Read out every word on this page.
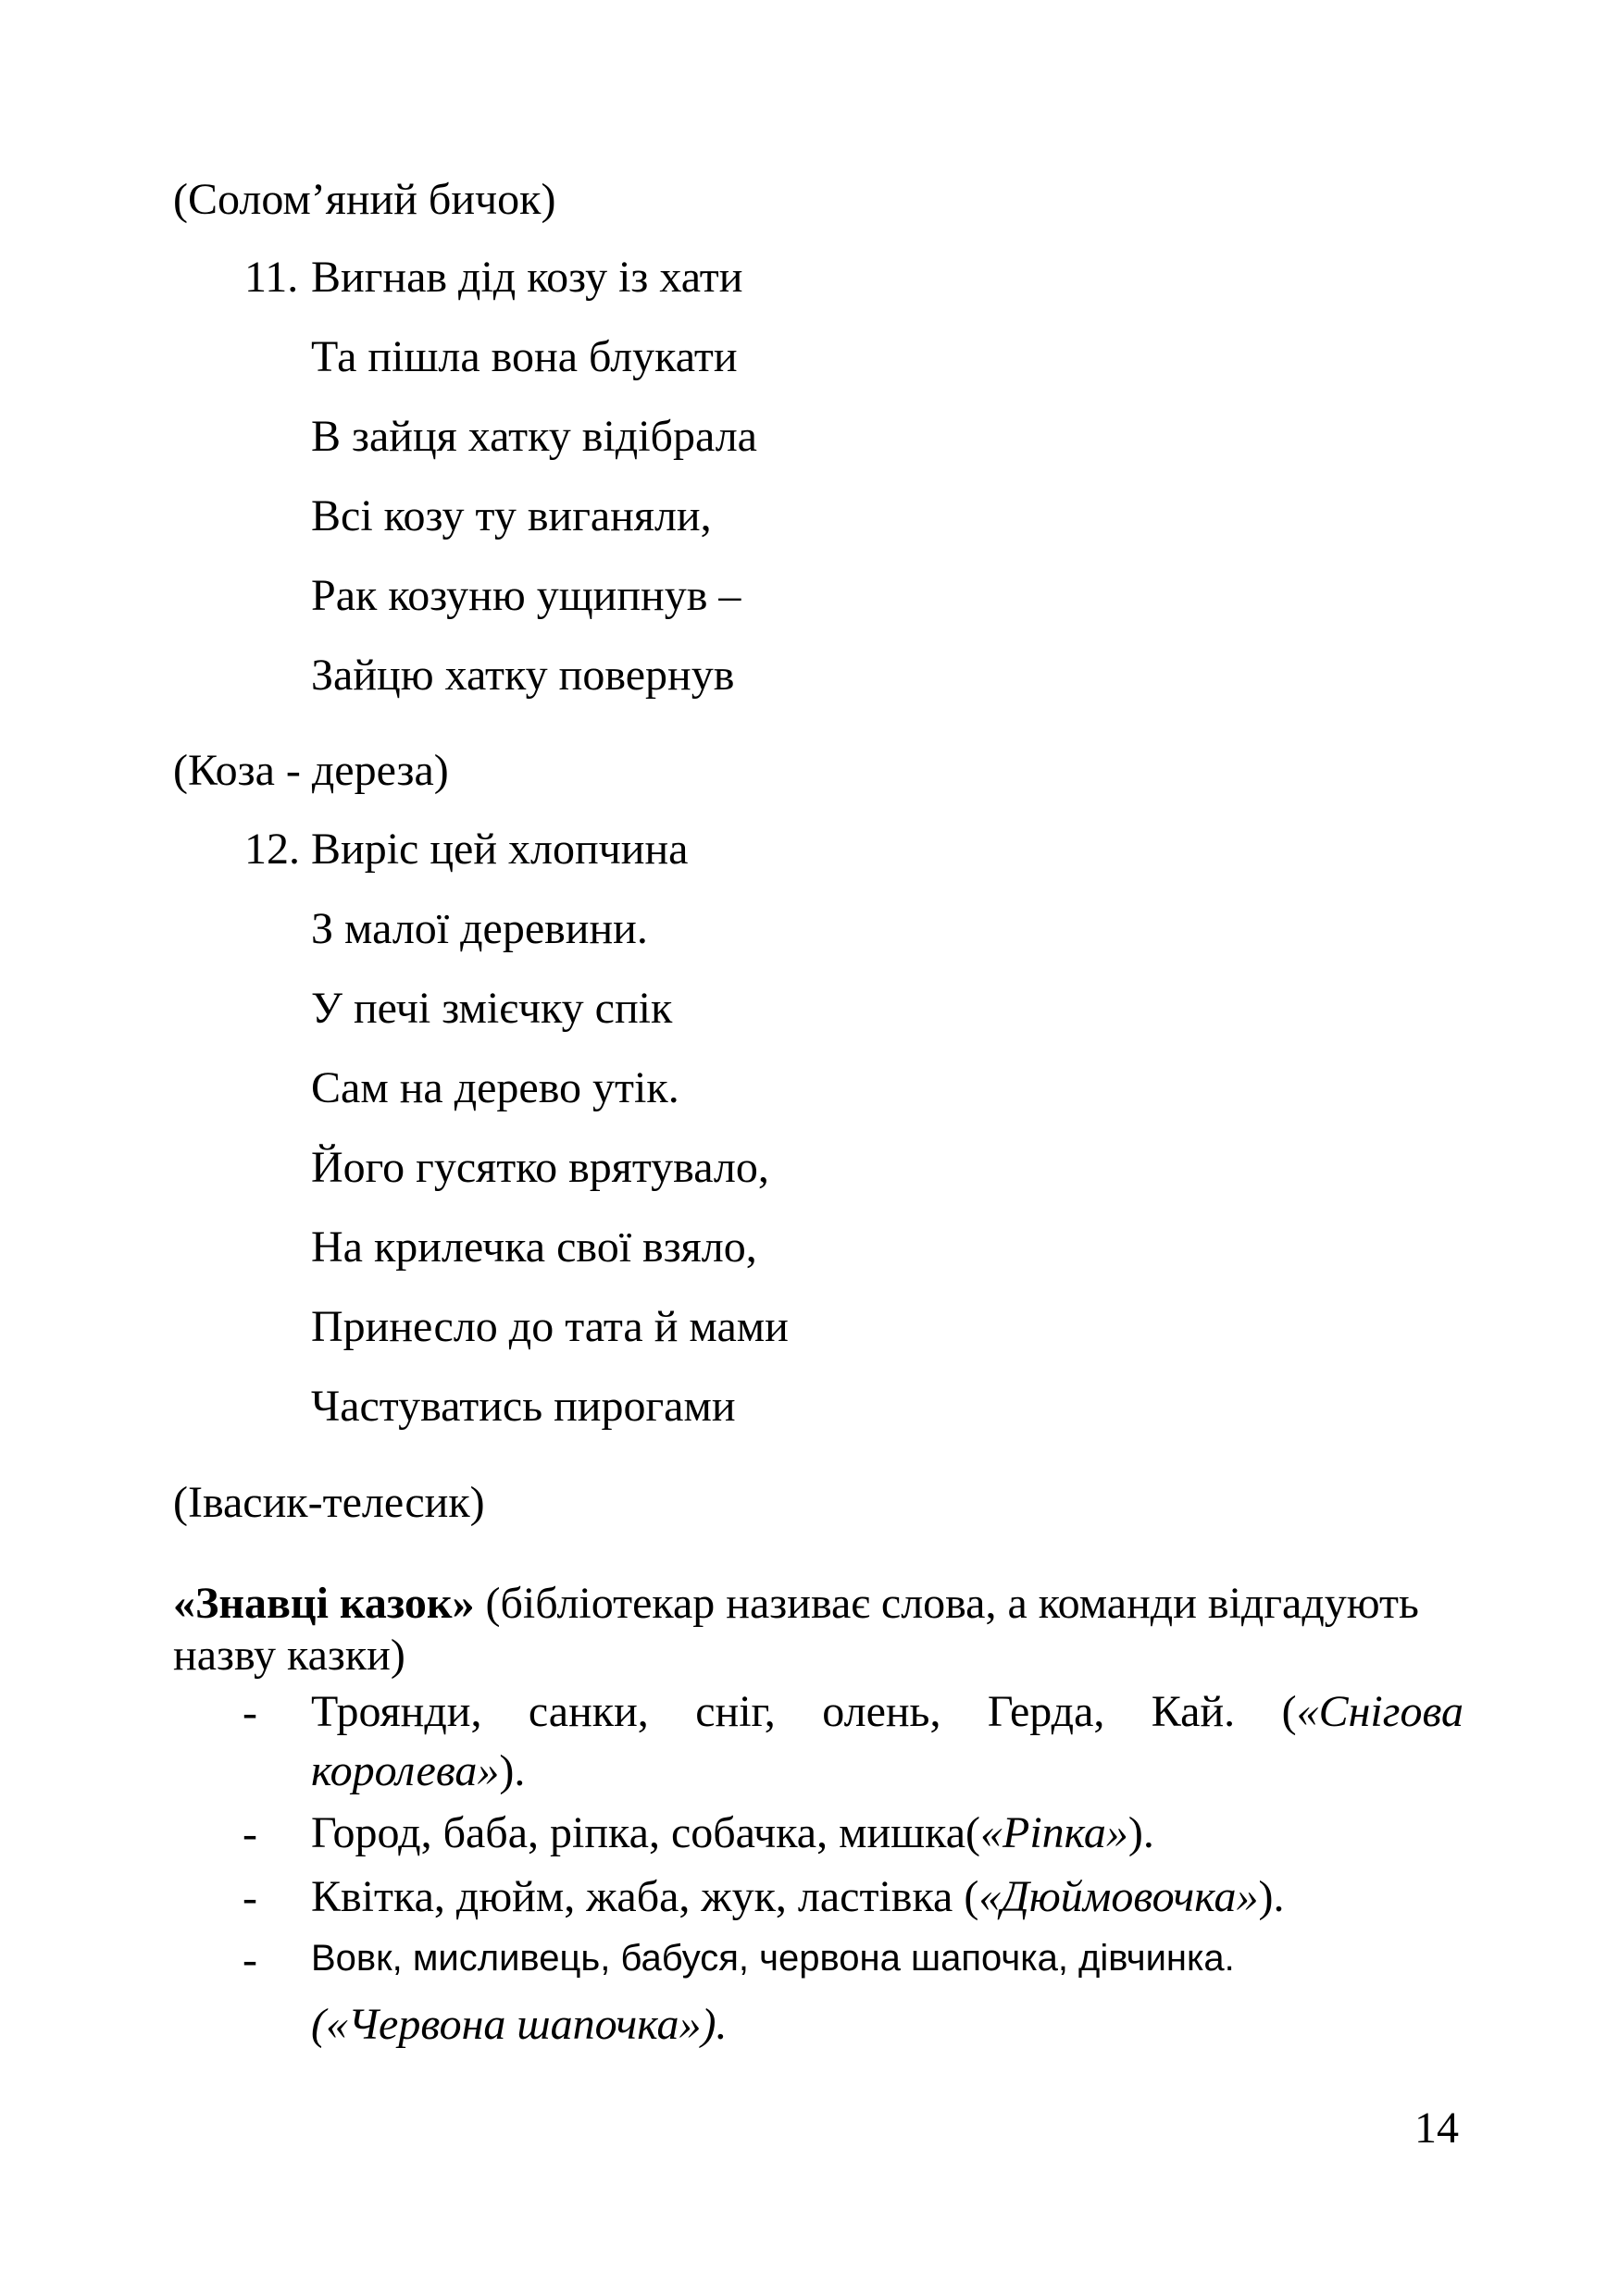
(Солом’яний бичок)
11. Вигнав дід козу із хати
Та пішла вона блукати
В зайця хатку відібрала
Всі козу ту виганяли,
Рак козуню ущипнув –
Зайцю хатку повернув
(Коза - дереза)
12. Виріс цей хлопчина
З малої деревини.
У печі змієчку спік
Сам на дерево утік.
Його гусятко врятувало,
На крилечка свої взяло,
Принесло до тата й мами
Частуватись пирогами
(Івасик-телесик)
«Знавці казок» (бібліотекар називає слова, а команди відгадують назву казки)
- Троянди, санки, сніг, олень, Герда, Кай. («Снігова королева»).
- Город, баба, ріпка, собачка, мишка(«Ріпка»).
- Квітка, дюйм, жаба, жук, ластівка («Дюймовочка»).
- Вовк, мисливець, бабуся, червона шапочка, дівчинка.
(«Червона шапочка»).
14
